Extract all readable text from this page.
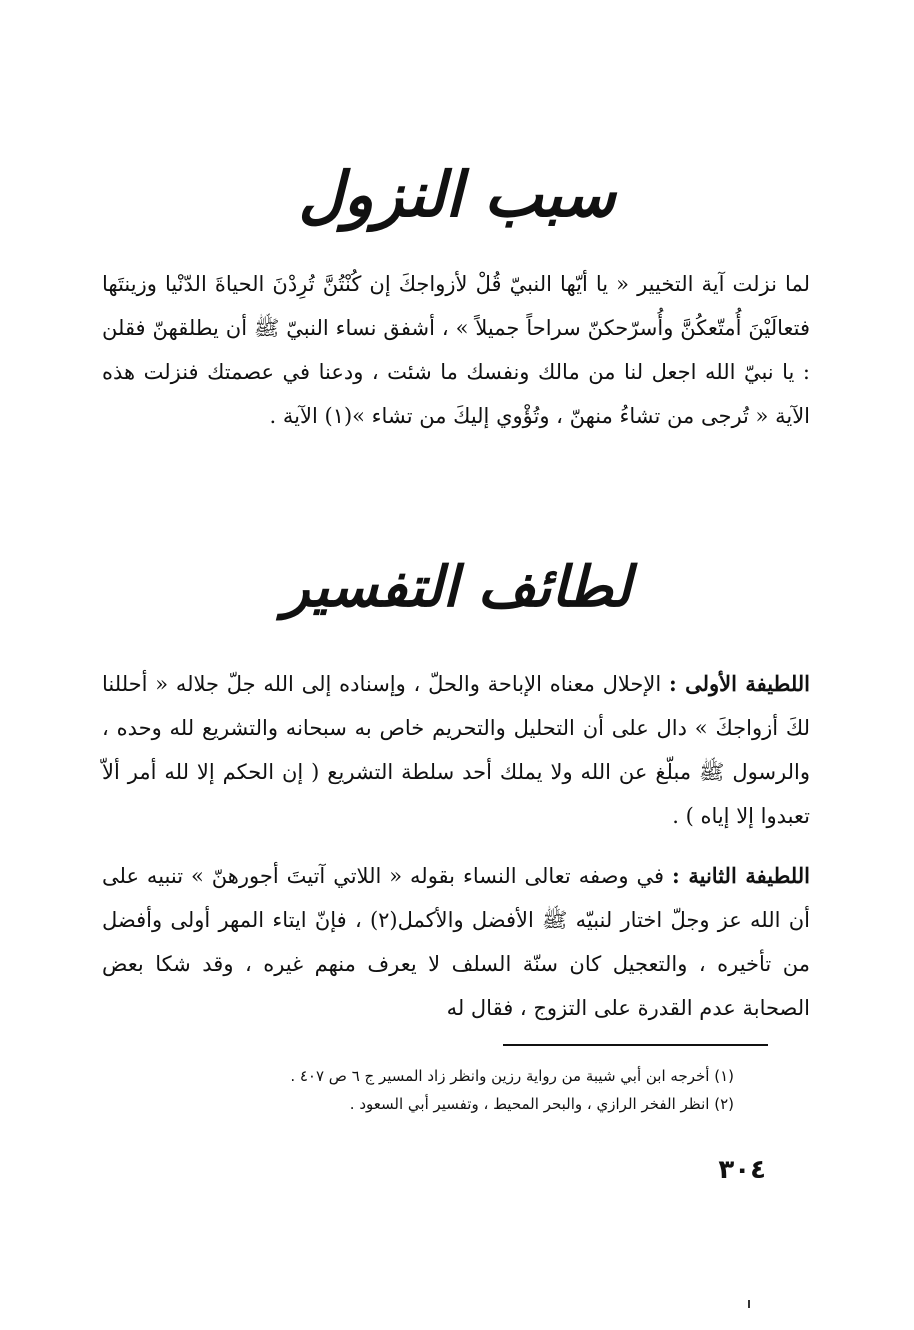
سبب النزول

لما نزلت آية التخيير « يا أيّها النبيّ قُلْ لأزواجكَ إن كُنْتُنَّ تُرِدْنَ الحياةَ الدّنْيا وزينتَها فتعالَيْنَ أُمتّعكُنَّ وأُسرّحكنّ سراحاً جميلاً » ، أشفق نساء النبيّ ﷺ أن يطلقهنّ فقلن : يا نبيّ الله اجعل لنا من مالك ونفسك ما شئت ، ودعنا في عصمتك فنزلت هذه الآية « تُرجى من تشاءُ منهنّ ، وتُؤْوي إليكَ من تشاء »(١) الآية .

لطائف التفسير

اللطيفة الأولى : الإحلال معناه الإباحة والحلّ ، وإسناده إلى الله جلّ جلاله « أحللنا لكَ أزواجكَ » دال على أن التحليل والتحريم خاص به سبحانه والتشريع لله وحده ، والرسول ﷺ مبلّغ عن الله ولا يملك أحد سلطة التشريع ( إن الحكم إلا لله أمر ألاّ تعبدوا إلا إياه ) .

اللطيفة الثانية : في وصفه تعالى النساء بقوله « اللاتي آتيتَ أجورهنّ » تنبيه على أن الله عز وجلّ اختار لنبيّه ﷺ الأفضل والأكمل(٢) ، فإنّ ايتاء المهر أولى وأفضل من تأخيره ، والتعجيل كان سنّة السلف لا يعرف منهم غيره ، وقد شكا بعض الصحابة عدم القدرة على التزوج ، فقال له

(١) أخرجه ابن أبي شيبة من رواية رزين وانظر زاد المسير ج ٦ ص ٤٠٧ .
(٢) انظر الفخر الرازي ، والبحر المحيط ، وتفسير أبي السعود .
٣٠٤
